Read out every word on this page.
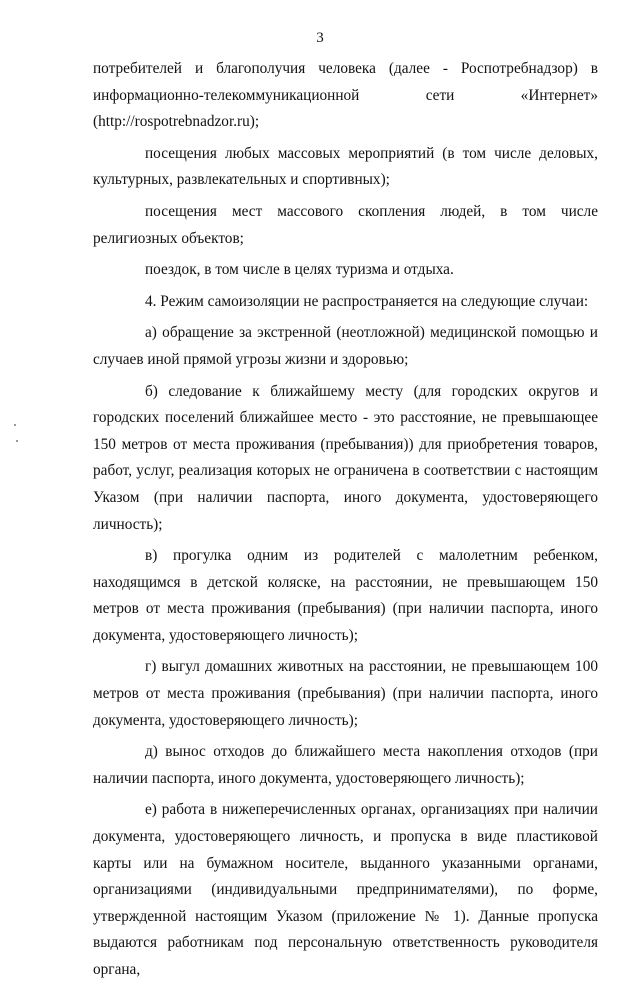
3

потребителей и благополучия человека (далее - Роспотребнадзор) в информационно-телекоммуникационной сети «Интернет» (http://rospotrebnadzor.ru);

посещения любых массовых мероприятий (в том числе деловых, культурных, развлекательных и спортивных);

посещения мест массового скопления людей, в том числе религиозных объектов;

поездок, в том числе в целях туризма и отдыха.

4. Режим самоизоляции не распространяется на следующие случаи:

а) обращение за экстренной (неотложной) медицинской помощью и случаев иной прямой угрозы жизни и здоровью;

б) следование к ближайшему месту (для городских округов и городских поселений ближайшее место - это расстояние, не превышающее 150 метров от места проживания (пребывания)) для приобретения товаров, работ, услуг, реализация которых не ограничена в соответствии с настоящим Указом (при наличии паспорта, иного документа, удостоверяющего личность);

в) прогулка одним из родителей с малолетним ребенком, находящимся в детской коляске, на расстоянии, не превышающем 150 метров от места проживания (пребывания) (при наличии паспорта, иного документа, удостоверяющего личность);

г) выгул домашних животных на расстоянии, не превышающем 100 метров от места проживания (пребывания) (при наличии паспорта, иного документа, удостоверяющего личность);

д) вынос отходов до ближайшего места накопления отходов (при наличии паспорта, иного документа, удостоверяющего личность);

е) работа в нижеперечисленных органах, организациях при наличии документа, удостоверяющего личность, и пропуска в виде пластиковой карты или на бумажном носителе, выданного указанными органами, организациями (индивидуальными предпринимателями), по форме, утвержденной настоящим Указом (приложение № 1). Данные пропуска выдаются работникам под персональную ответственность руководителя органа,
